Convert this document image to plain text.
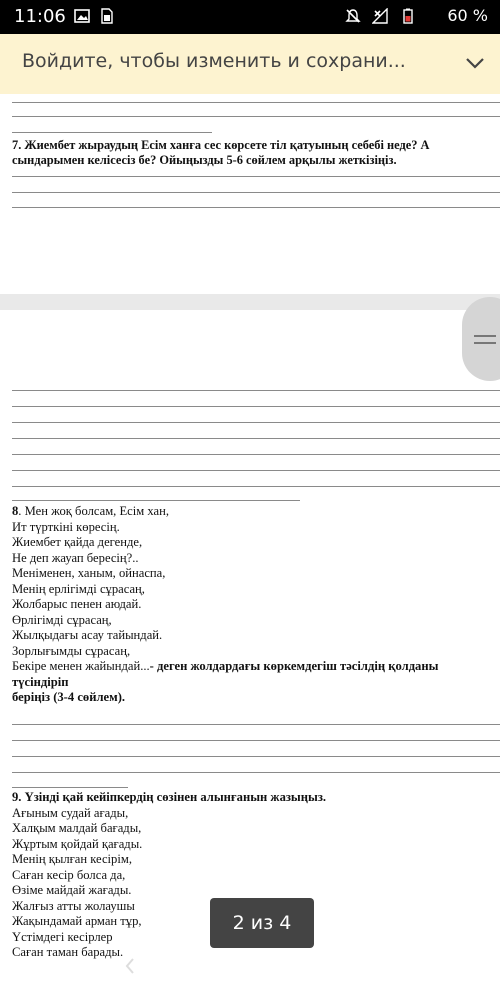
11:06	60 %
Войдите, чтобы изменить и сохрани...
7. Жиембет жыраудың Есім ханға сес көрсете тіл қатуының себебі неде? А
сындарымен келісесіз бе? Ойыңызды 5-6 сөйлем арқылы жеткізіңіз.
8. Мен жоқ болсам, Есім хан,
Ит түрткіні көресің.
Жиембет қайда дегенде,
Не деп жауап бересің?..
Меніменен, ханым, ойнаспа,
Менің ерлігімді сұрасаң,
Жолбарыс пенен аюдай.
Өрлігімді сұрасаң,
Жылқыдағы асау тайындай.
Зорлығымды сұрасаң,
Бекіре менен жайындай...- деген жолдардағы көркемдегіш тәсілдің қолданы
түсіндіріп
беріңіз (3-4 сөйлем).
9. Үзінді қай кейіпкердің сөзінен алынғанын жазыңыз.
Ағыным судай ағады,
Халқым малдай бағады,
Жұртым қойдай қағады.
Менің қылған кесірім,
Саған кесір болса да,
Өзіме майдай жағады.
Жалғыз атты жолаушы
Жақындамай арман тұр,
Үстімдегі кесірлер
Саған таман барады.
2 из 4
